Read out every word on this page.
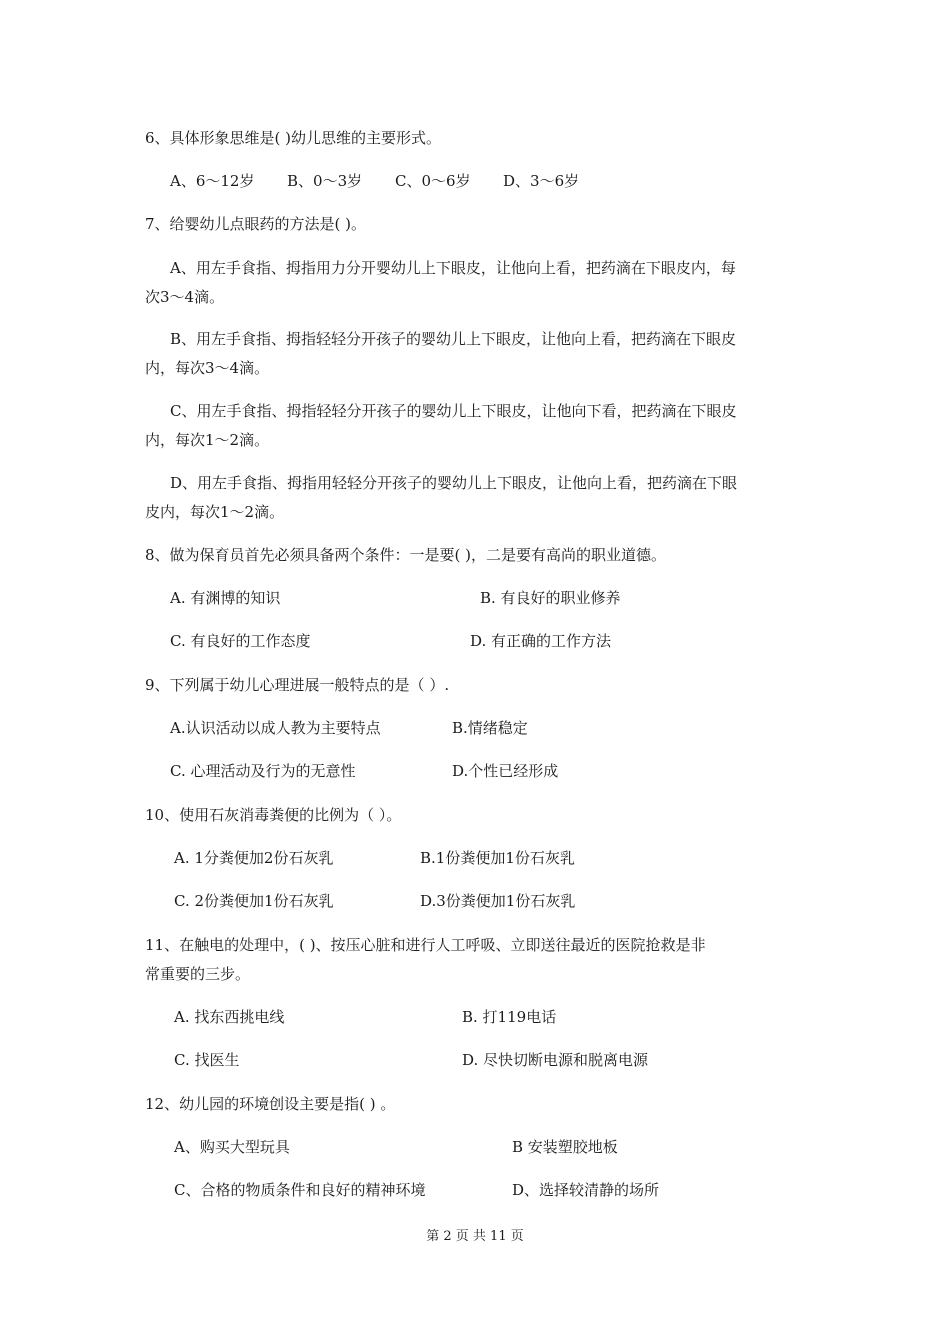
6、具体形象思维是( )幼儿思维的主要形式。
A、6～12岁 B、0～3岁 C、0～6岁 D、3～6岁
7、给婴幼儿点眼药的方法是( )。
A、用左手食指、拇指用力分开婴幼儿上下眼皮，让他向上看，把药滴在下眼皮内，每
次3～4滴。
B、用左手食指、拇指轻轻分开孩子的婴幼儿上下眼皮，让他向上看，把药滴在下眼皮
内，每次3～4滴。
C、用左手食指、拇指轻轻分开孩子的婴幼儿上下眼皮，让他向下看，把药滴在下眼皮
内，每次1～2滴。
D、用左手食指、拇指用轻轻分开孩子的婴幼儿上下眼皮，让他向上看，把药滴在下眼
皮内，每次1～2滴。
8、做为保育员首先必须具备两个条件：一是要( )，二是要有高尚的职业道德。
A. 有渊博的知识	B. 有良好的职业修养
C. 有良好的工作态度	D. 有正确的工作方法
9、下列属于幼儿心理进展一般特点的是（ ）.
A.认识活动以成人教为主要特点	B.情绪稳定
C. 心理活动及行为的无意性	D.个性已经形成
10、使用石灰消毒粪便的比例为（ ）。
A. 1分粪便加2份石灰乳	B.1份粪便加1份石灰乳
C. 2份粪便加1份石灰乳	D.3份粪便加1份石灰乳
11、在触电的处理中，( )、按压心脏和进行人工呼吸、立即送往最近的医院抢救是非
常重要的三步。
A. 找东西挑电线	B. 打119电话
C. 找医生	D. 尽快切断电源和脱离电源
12、幼儿园的环境创设主要是指( ) 。
A、购买大型玩具	B 安装塑胶地板
C、合格的物质条件和良好的精神环境	D、选择较清静的场所
第 2 页 共 11 页
